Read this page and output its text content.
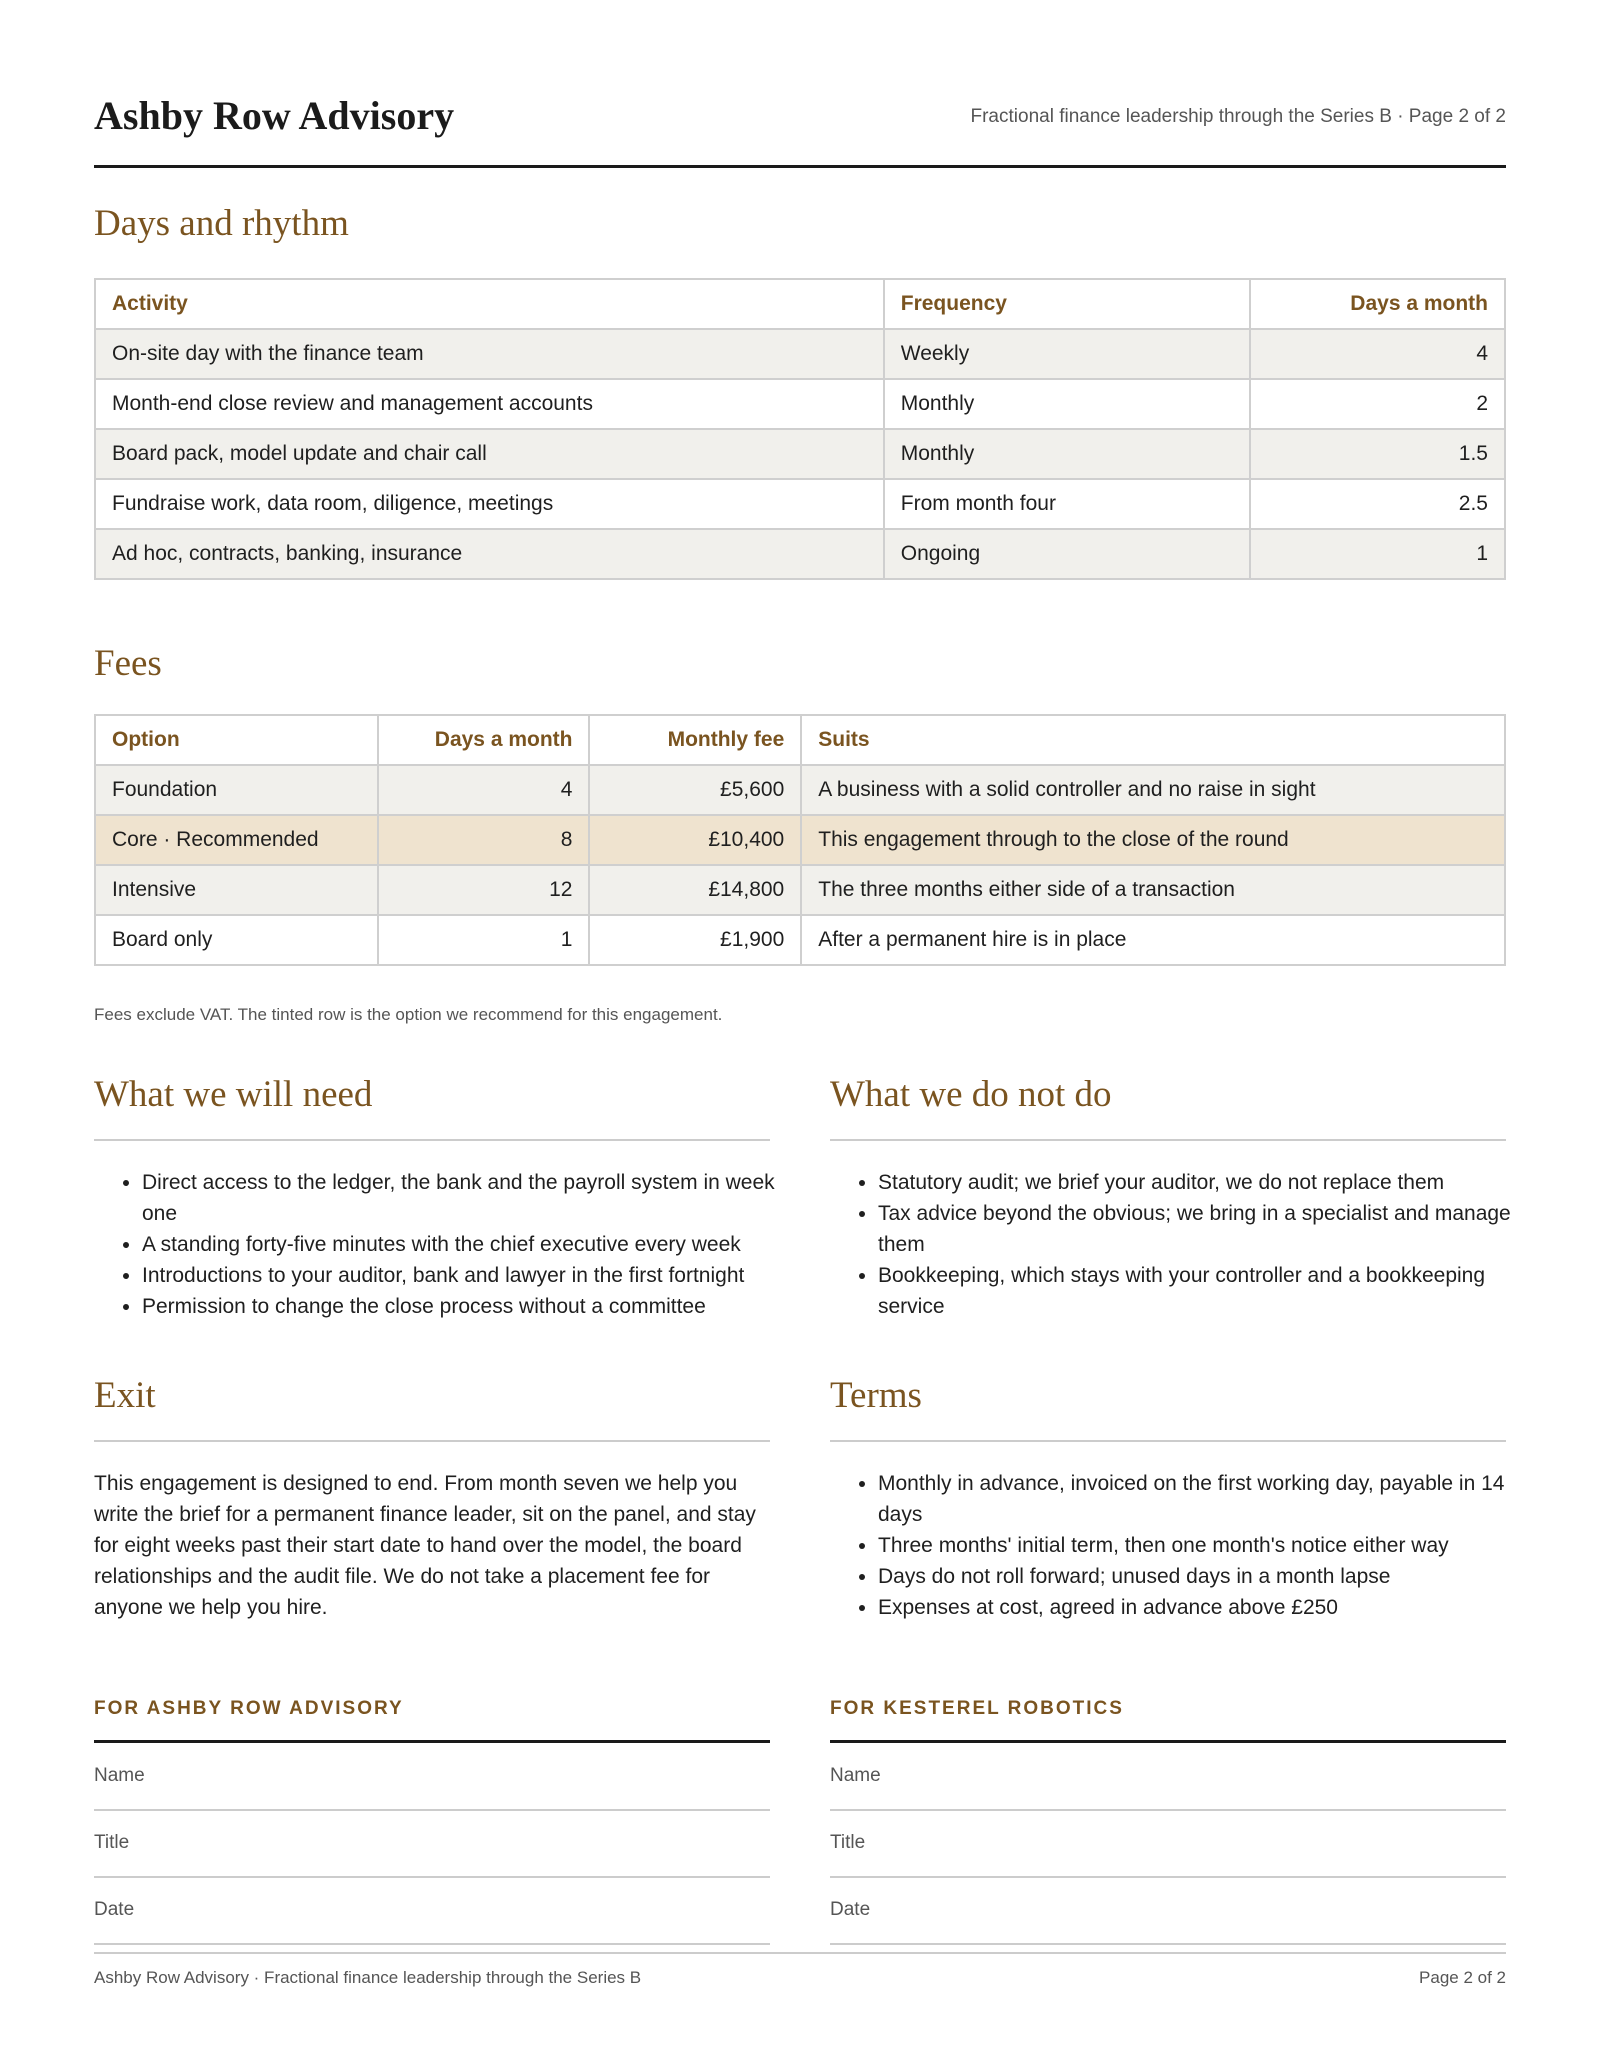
Ashby Row Advisory	Fractional finance leadership through the Series B · Page 2 of 2
Days and rhythm
Activity	Frequency	Days a month
On-site day with the finance team	Weekly	4
Month-end close review and management accounts	Monthly	2
Board pack, model update and chair call	Monthly	1.5
Fundraise work, data room, diligence, meetings	From month four	2.5
Ad hoc, contracts, banking, insurance	Ongoing	1
Fees
Option	Days a month	Monthly fee	Suits
Foundation	4	£5,600	A business with a solid controller and no raise in sight
Core · Recommended	8	£10,400	This engagement through to the close of the round
Intensive	12	£14,800	The three months either side of a transaction
Board only	1	£1,900	After a permanent hire is in place
Fees exclude VAT. The tinted row is the option we recommend for this engagement.
What we will need
• Direct access to the ledger, the bank and the payroll system in week one
• A standing forty-five minutes with the chief executive every week
• Introductions to your auditor, bank and lawyer in the first fortnight
• Permission to change the close process without a committee
What we do not do
• Statutory audit; we brief your auditor, we do not replace them
• Tax advice beyond the obvious; we bring in a specialist and manage them
• Bookkeeping, which stays with your controller and a bookkeeping service
Exit

This engagement is designed to end. From month seven we help you write the brief for a permanent finance leader, sit on the panel, and stay for eight weeks past their start date to hand over the model, the board relationships and the audit file. We do not take a placement fee for anyone we help you hire.

Terms
• Monthly in advance, invoiced on the first working day, payable in 14 days
• Three months' initial term, then one month's notice either way
• Days do not roll forward; unused days in a month lapse
• Expenses at cost, agreed in advance above £250
FOR ASHBY ROW ADVISORY
Name
Title
Date
FOR KESTEREL ROBOTICS
Name
Title
Date
Ashby Row Advisory · Fractional finance leadership through the Series B	Page 2 of 2
